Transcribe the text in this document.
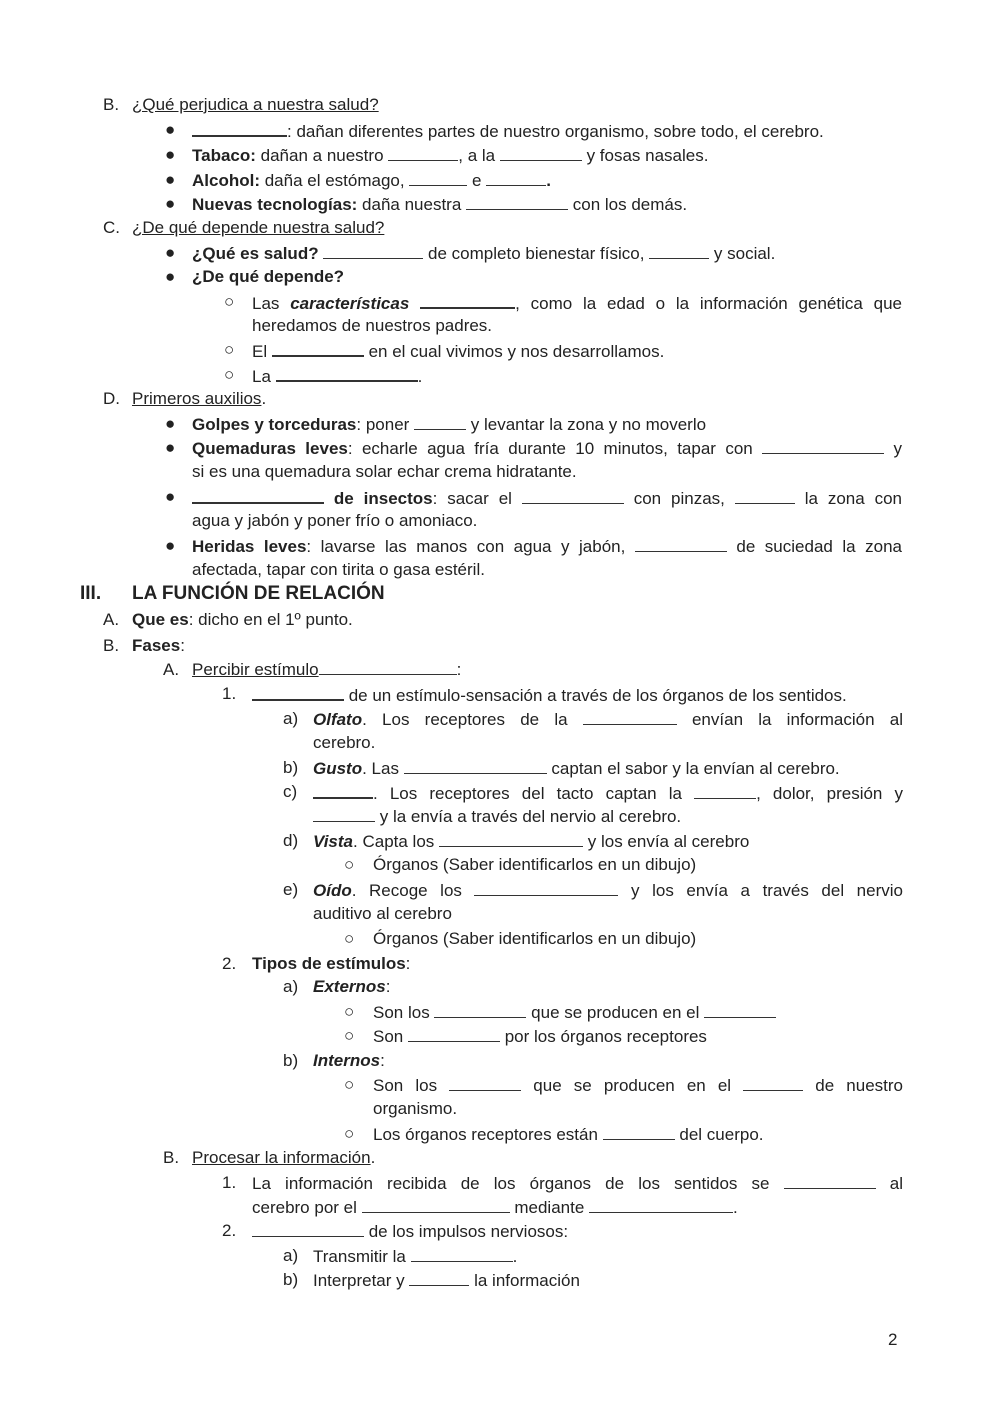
B. ¿Qué perjudica a nuestra salud?
●	: dañan diferentes partes de nuestro organismo, sobre todo, el cerebro.
● Tabaco: dañan a nuestro	, a la	y fosas nasales.
● Alcohol: daña el estómago,	e	.
● Nuevas tecnologías: daña nuestra	con los demás.
C. ¿De qué depende nuestra salud?
● ¿Qué es salud?	de completo bienestar físico,	y social.
● ¿De qué depende?
○ Las características	, como la edad o la información genética que
heredamos de nuestros padres.
○ El	en el cual vivimos y nos desarrollamos.
○ La	.
D. Primeros auxilios.
● Golpes y torceduras: poner	y levantar la zona y no moverlo
● Quemaduras leves: echarle agua fría durante 10 minutos, tapar con	y
si es una quemadura solar echar crema hidratante.
●	de insectos: sacar el	con pinzas,	la zona con
agua y jabón y poner frío o amoniaco.
● Heridas leves: lavarse las manos con agua y jabón,	de suciedad la zona
afectada, tapar con tirita o gasa estéril.
III. LA FUNCIÓN DE RELACIÓN
A. Que es: dicho en el 1º punto.
B. Fases:
A. Percibir estímulo	:
1.	de un estímulo-sensación a través de los órganos de los sentidos.
a) Olfato. Los receptores de la	envían la información al
cerebro.
b) Gusto. Las	captan el sabor y la envían al cerebro.
c)	. Los receptores del tacto captan la	, dolor, presión y
y la envía a través del nervio al cerebro.
d) Vista. Capta los	y los envía al cerebro
○ Órganos (Saber identificarlos en un dibujo)
e) Oído. Recoge los	y los envía a través del nervio
auditivo al cerebro
○ Órganos (Saber identificarlos en un dibujo)
2. Tipos de estímulos:
a) Externos:
○ Son los	que se producen en el
○ Son	por los órganos receptores
b) Internos:
○ Son los	que se producen en el	de nuestro
organismo.
○ Los órganos receptores están	del cuerpo.
B. Procesar la información.
1. La información recibida de los órganos de los sentidos se	al
cerebro por el	mediante	.
2.	de los impulsos nerviosos:
a) Transmitir la	.
b) Interpretar y	la información
2
